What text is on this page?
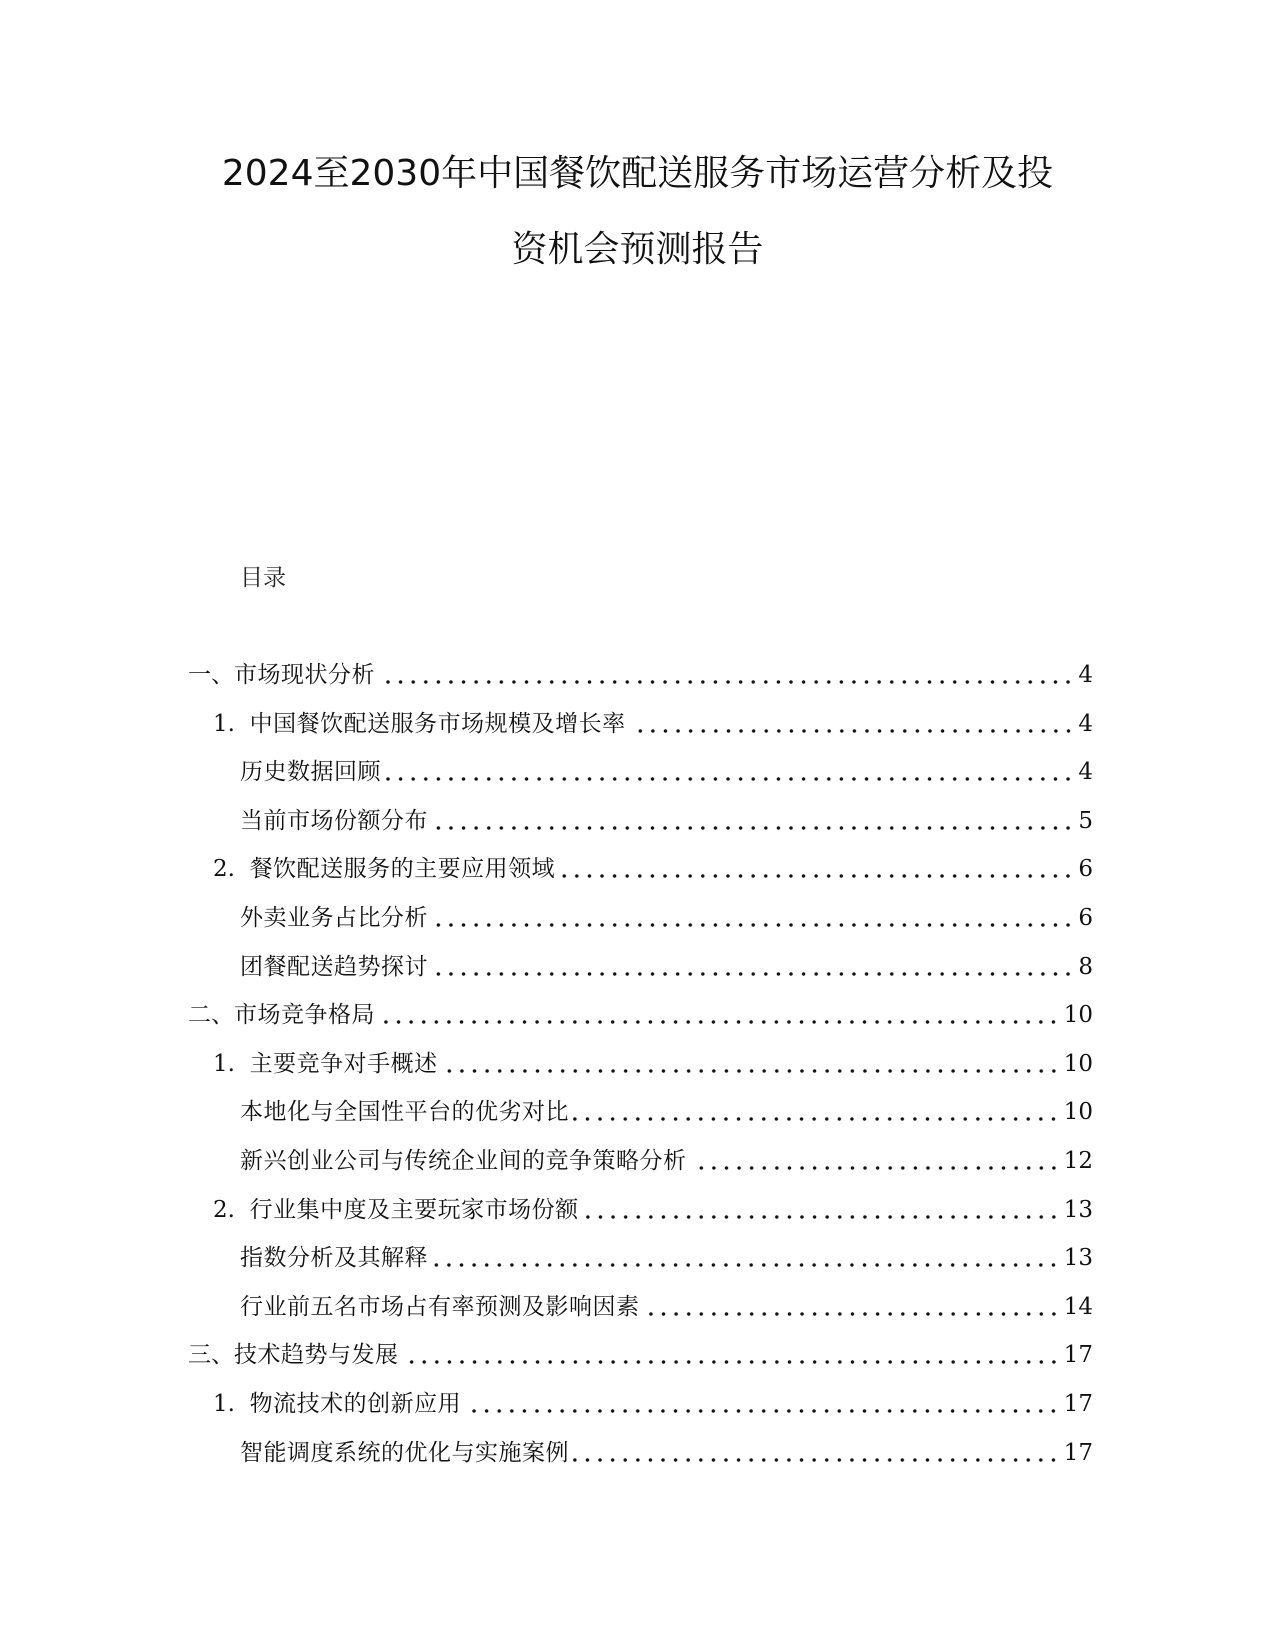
2024至2030年中国餐饮配送服务市场运营分析及投
资机会预测报告
目录
一、 市场现状分析	4
1. 中国餐饮配送服务市场规模及增长率	4
历史数据回顾	4
当前市场份额分布	5
2. 餐饮配送服务的主要应用领域	6
外卖业务占比分析	6
团餐配送趋势探讨	8
二、 市场竞争格局	10
1. 主要竞争对手概述	10
本地化与全国性平台的优劣对比	10
新兴创业公司与传统企业间的竞争策略分析	12
2. 行业集中度及主要玩家市场份额	13
指数分析及其解释	13
行业前五名市场占有率预测及影响因素	14
三、 技术趋势与发展	17
1. 物流技术的创新应用	17
智能调度系统的优化与实施案例	17
